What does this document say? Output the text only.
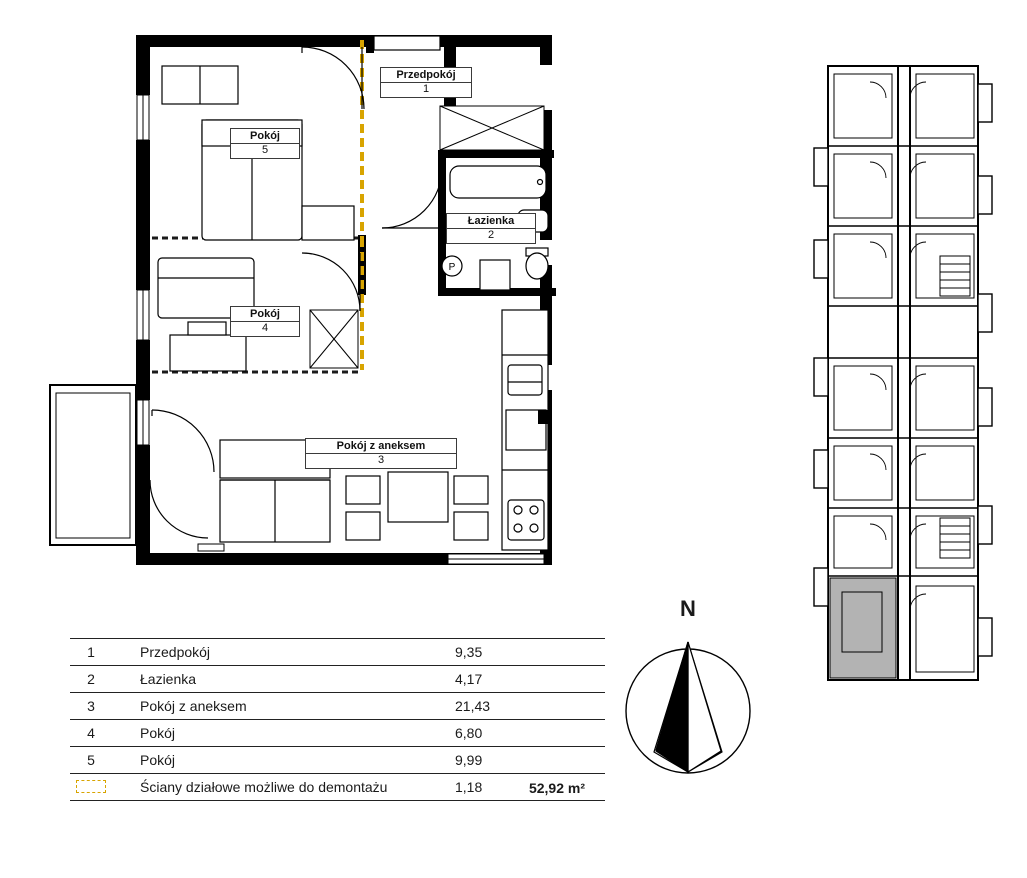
P
Przedpokój
1
Łazienka
2
Pokój z aneksem
3
Pokój
4
Pokój
5
1	Przedpokój	9,35
2	Łazienka	4,17
3	Pokój z aneksem	21,43
4	Pokój	6,80
5	Pokój	9,99

	Ściany działowe możliwe do demontażu	1,18	52,92 m²
N
